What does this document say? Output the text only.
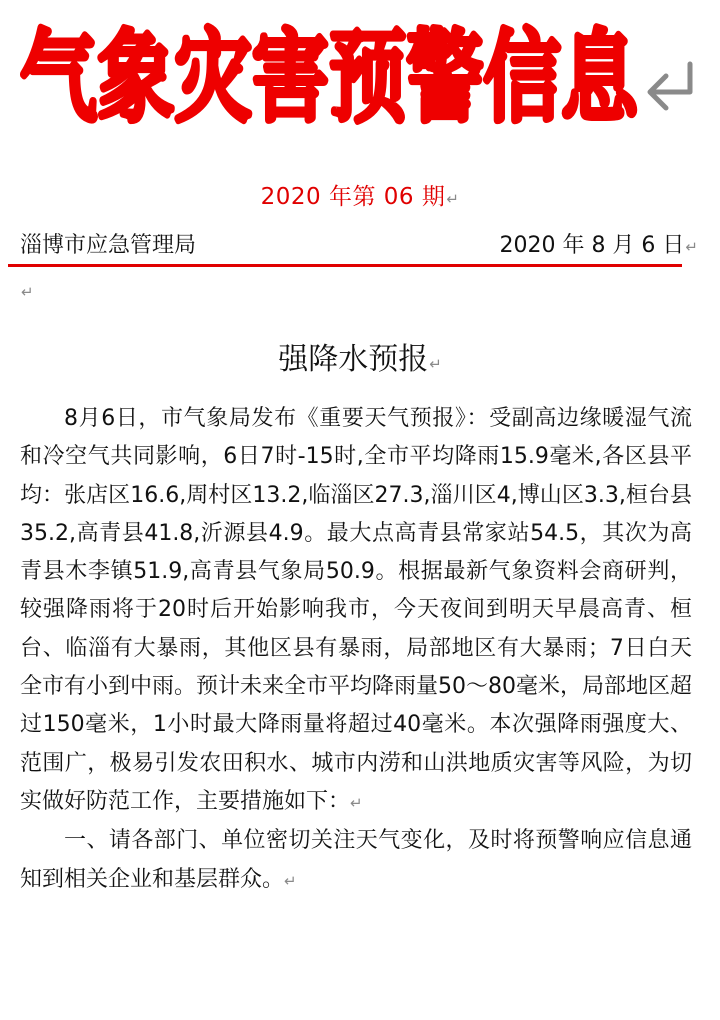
气象灾害预警信息
2020 年第 06 期↵
淄博市应急管理局	2020 年 8 月 6 日↵
↵
强降水预报↵

8月6日，市气象局发布《重要天气预报》：受副高边缘暖湿气流和冷空气共同影响，6日7时-15时,全市平均降雨15.9毫米,各区县平均：张店区16.6,周村区13.2,临淄区27.3,淄川区4,博山区3.3,桓台县35.2,高青县41.8,沂源县4.9。最大点高青县常家站54.5，其次为高青县木李镇51.9,高青县气象局50.9。根据最新气象资料会商研判，较强降雨将于20时后开始影响我市，今天夜间到明天早晨高青、桓台、临淄有大暴雨，其他区县有暴雨，局部地区有大暴雨；7日白天全市有小到中雨。预计未来全市平均降雨量50～80毫米，局部地区超过150毫米，1小时最大降雨量将超过40毫米。本次强降雨强度大、范围广，极易引发农田积水、城市内涝和山洪地质灾害等风险，为切实做好防范工作，主要措施如下：↵

一、请各部门、单位密切关注天气变化，及时将预警响应信息通知到相关企业和基层群众。↵
